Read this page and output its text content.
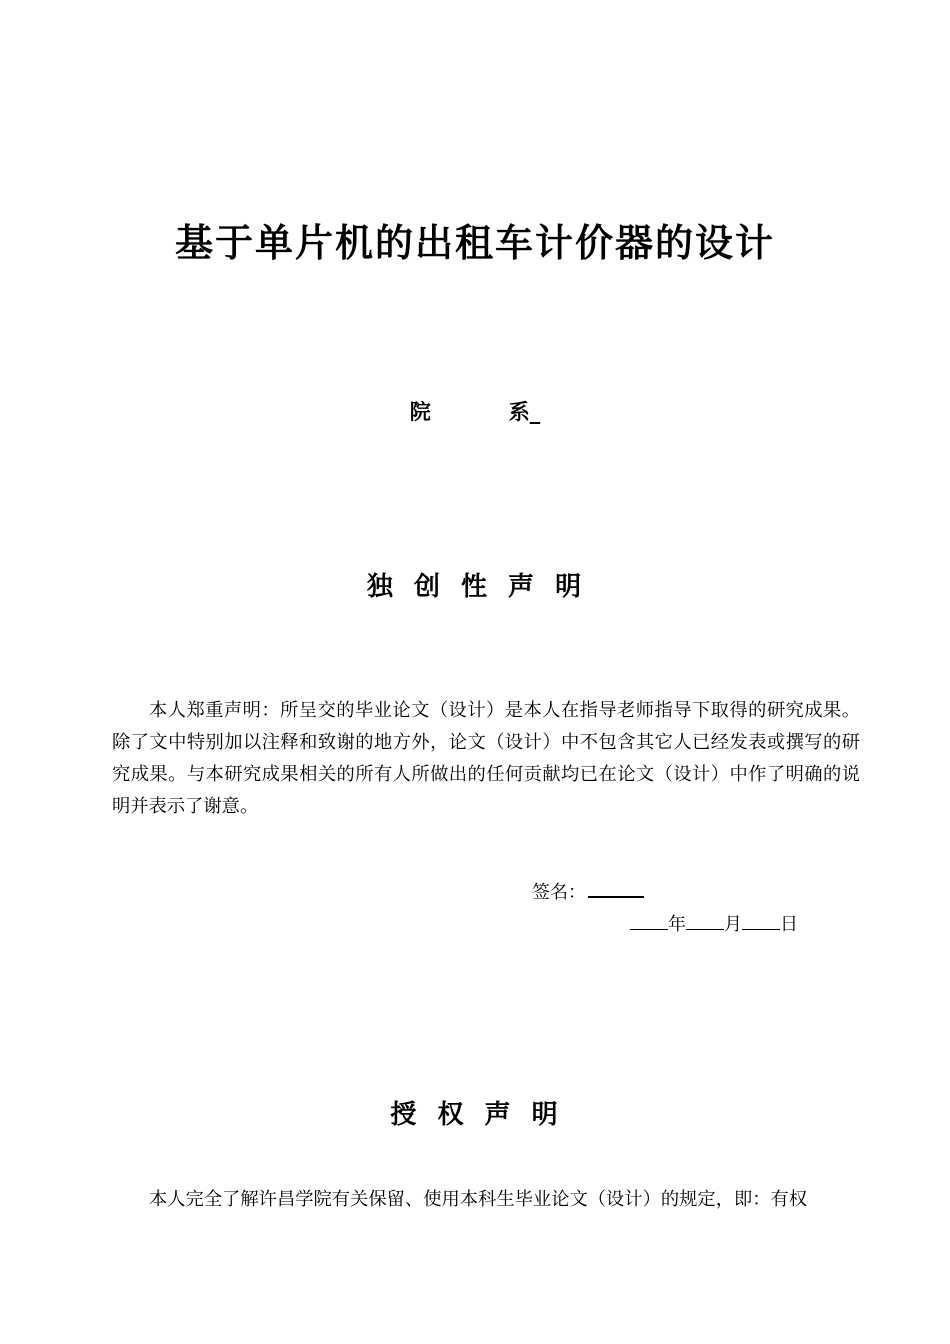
基于单片机的出租车计价器的设计
院	系_
独 创 性 声 明
本人郑重声明：所呈交的毕业论文（设计）是本人在指导老师指导下取得的研究成果。除了文中特别加以注释和致谢的地方外，论文（设计）中不包含其它人已经发表或撰写的研究成果。与本研究成果相关的所有人所做出的任何贡献均已在论文（设计）中作了明确的说明并表示了谢意。
签名：
年 月 日
授 权 声 明
本人完全了解许昌学院有关保留、使用本科生毕业论文（设计）的规定，即：有权
